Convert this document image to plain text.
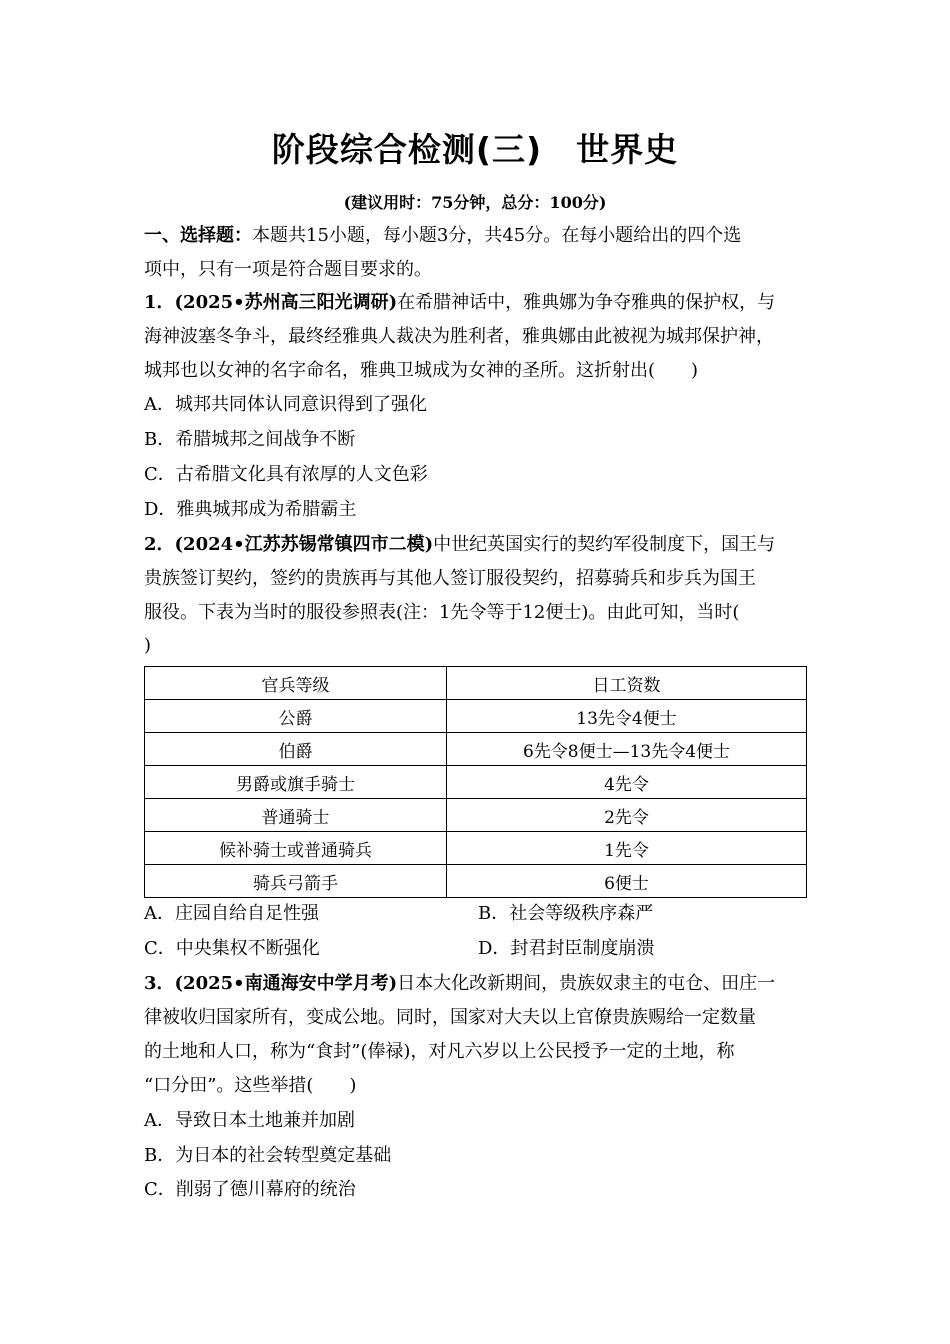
阶段综合检测(三) 世界史
(建议用时：75分钟，总分：100分)
一、选择题：本题共15小题，每小题3分，共45分。在每小题给出的四个选
项中，只有一项是符合题目要求的。
1．(2025•苏州高三阳光调研)在希腊神话中，雅典娜为争夺雅典的保护权，与
海神波塞冬争斗，最终经雅典人裁决为胜利者，雅典娜由此被视为城邦保护神，
城邦也以女神的名字命名，雅典卫城成为女神的圣所。这折射出(　　)
A．城邦共同体认同意识得到了强化
B．希腊城邦之间战争不断
C．古希腊文化具有浓厚的人文色彩
D．雅典城邦成为希腊霸主
2．(2024•江苏苏锡常镇四市二模)中世纪英国实行的契约军役制度下，国王与
贵族签订契约，签约的贵族再与其他人签订服役契约，招募骑兵和步兵为国王
服役。下表为当时的服役参照表(注：1先令等于12便士)。由此可知，当时(
)
官兵等级	日工资数
公爵	13先令4便士
伯爵	6先令8便士—13先令4便士
男爵或旗手骑士	4先令
普通骑士	2先令
候补骑士或普通骑兵	1先令
骑兵弓箭手	6便士
A．庄园自给自足性强	B．社会等级秩序森严
C．中央集权不断强化	D．封君封臣制度崩溃
3．(2025•南通海安中学月考)日本大化改新期间，贵族奴隶主的屯仓、田庄一
律被收归国家所有，变成公地。同时，国家对大夫以上官僚贵族赐给一定数量
的土地和人口，称为“食封”(俸禄)，对凡六岁以上公民授予一定的土地，称
“口分田”。这些举措(　　)
A．导致日本土地兼并加剧
B．为日本的社会转型奠定基础
C．削弱了德川幕府的统治
